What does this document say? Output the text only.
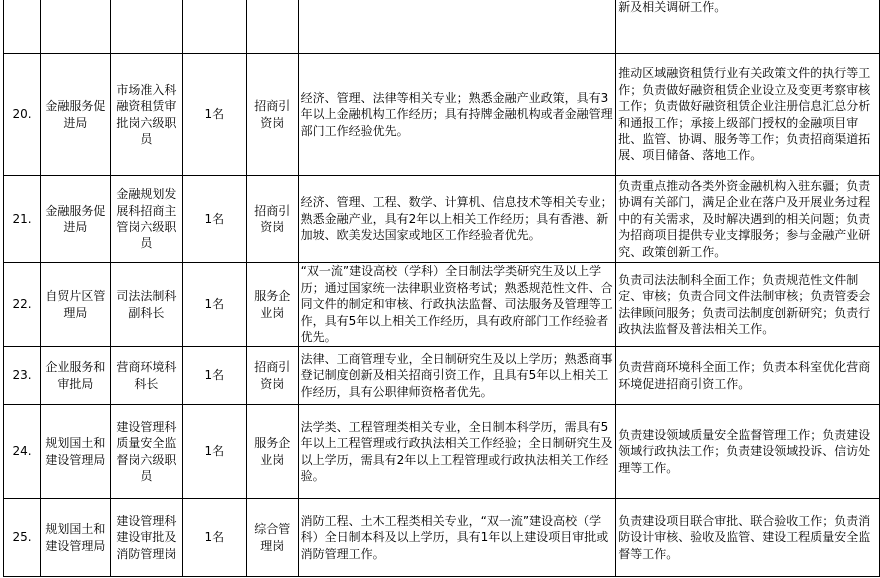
						新及相关调研工作。
20.	金融服务促进局	市场准入科融资租赁审批岗六级职员	1名	招商引资岗	经济、管理、法律等相关专业；熟悉金融产业政策，具有3年以上金融机构工作经历；具有持牌金融机构或者金融管理部门工作经验优先。	推动区域融资租赁行业有关政策文件的执行等工作；负责做好融资租赁企业设立及变更考察审核工作；负责做好融资租赁企业注册信息汇总分析和通报工作；承接上级部门授权的金融项目审批、监管、协调、服务等工作；负责招商渠道拓展、项目储备、落地工作。
21.	金融服务促进局	金融规划发展科招商主管岗六级职员	1名	招商引资岗	经济、管理、工程、数学、计算机、信息技术等相关专业；熟悉金融产业，具有2年以上相关工作经历；具有香港、新加坡、欧美发达国家或地区工作经验者优先。	负责重点推动各类外资金融机构入驻东疆；负责协调有关部门，满足企业在落户及开展业务过程中的有关需求，及时解决遇到的相关问题；负责为招商项目提供专业支撑服务；参与金融产业研究、政策创新工作。
22.	自贸片区管理局	司法法制科副科长	1名	服务企业岗	“双一流”建设高校（学科）全日制法学类研究生及以上学历；通过国家统一法律职业资格考试；熟悉规范性文件、合同文件的制定和审核、行政执法监督、司法服务及管理等工作，具有5年以上相关工作经历，具有政府部门工作经验者优先。	负责司法法制科全面工作；负责规范性文件制定、审核；负责合同文件法制审核；负责管委会法律顾问服务；负责司法制度创新研究；负责行政执法监督及普法相关工作。
23.	企业服务和审批局	营商环境科科长	1名	招商引资岗	法律、工商管理专业，全日制研究生及以上学历；熟悉商事登记制度创新及相关招商引资工作，且具有5年以上相关工作经历，具有公职律师资格者优先。	负责营商环境科全面工作；负责本科室优化营商环境促进招商引资工作。
24.	规划国土和建设管理局	建设管理科质量安全监督岗六级职员	1名	服务企业岗	法学类、工程管理类相关专业，全日制本科学历，需具有5年以上工程管理或行政执法相关工作经验；全日制研究生及以上学历，需具有2年以上工程管理或行政执法相关工作经验。	负责建设领域质量安全监督管理工作；负责建设领域行政执法工作；负责建设领域投诉、信访处理等工作。
25.	规划国土和建设管理局	建设管理科建设审批及消防管理岗	1名	综合管理岗	消防工程、土木工程类相关专业，“双一流”建设高校（学科）全日制本科及以上学历，具有1年以上建设项目审批或消防管理工作。	负责建设项目联合审批、联合验收工作；负责消防设计审核、验收及监管、建设工程质量安全监督等工作。
